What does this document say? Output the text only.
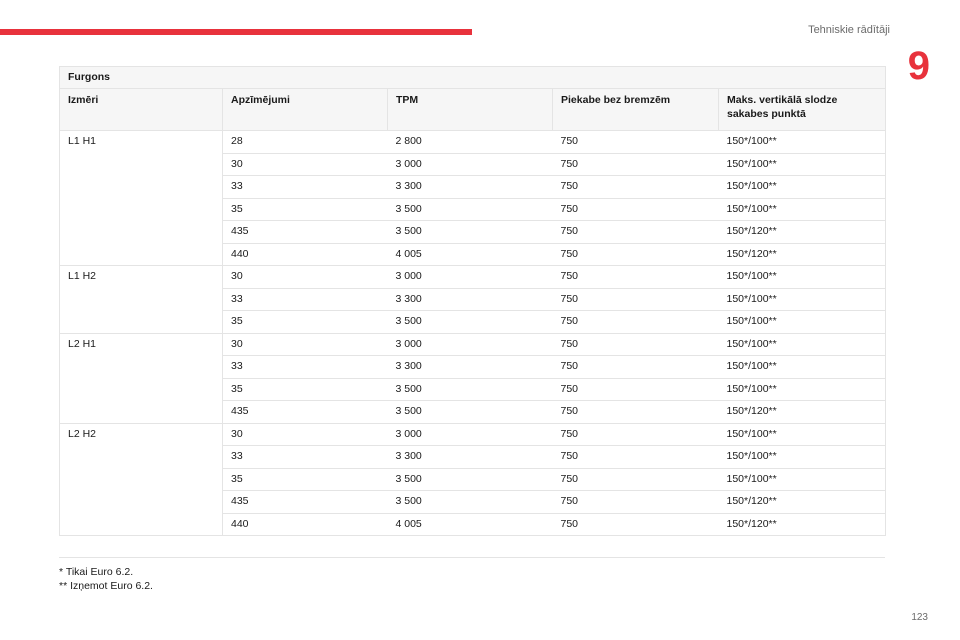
Tehniskie rādītāji
9
Furgons				
Izmēri	Apzīmējumi	TPM	Piekabe bez bremzēm	Maks. vertikālā slodze sakabes punktā
L1 H1	28	2 800	750	150*/100**
	30	3 000	750	150*/100**
	33	3 300	750	150*/100**
	35	3 500	750	150*/100**
	435	3 500	750	150*/120**
	440	4 005	750	150*/120**
L1 H2	30	3 000	750	150*/100**
	33	3 300	750	150*/100**
	35	3 500	750	150*/100**
L2 H1	30	3 000	750	150*/100**
	33	3 300	750	150*/100**
	35	3 500	750	150*/100**
	435	3 500	750	150*/120**
L2 H2	30	3 000	750	150*/100**
	33	3 300	750	150*/100**
	35	3 500	750	150*/100**
	435	3 500	750	150*/120**
	440	4 005	750	150*/120**
* Tikai Euro 6.2.
** Izņemot Euro 6.2.
123
